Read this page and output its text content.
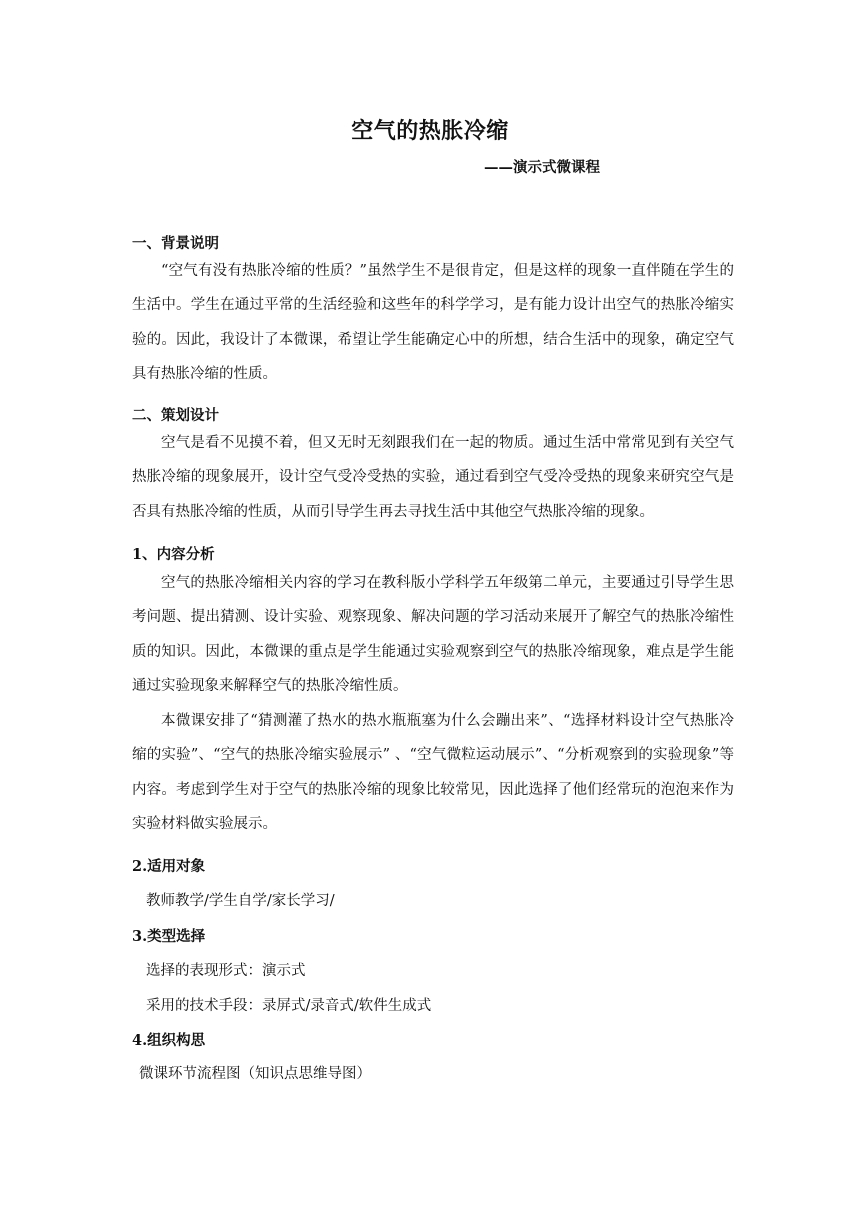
空气的热胀冷缩
——演示式微课程
一、背景说明
“空气有没有热胀冷缩的性质？”虽然学生不是很肯定，但是这样的现象一直伴随在学生的生活中。学生在通过平常的生活经验和这些年的科学学习，是有能力设计出空气的热胀冷缩实验的。因此，我设计了本微课，希望让学生能确定心中的所想，结合生活中的现象，确定空气具有热胀冷缩的性质。
二、策划设计
空气是看不见摸不着，但又无时无刻跟我们在一起的物质。通过生活中常常见到有关空气热胀冷缩的现象展开，设计空气受冷受热的实验，通过看到空气受冷受热的现象来研究空气是否具有热胀冷缩的性质，从而引导学生再去寻找生活中其他空气热胀冷缩的现象。
1、内容分析
空气的热胀冷缩相关内容的学习在教科版小学科学五年级第二单元，主要通过引导学生思考问题、提出猜测、设计实验、观察现象、解决问题的学习活动来展开了解空气的热胀冷缩性质的知识。因此，本微课的重点是学生能通过实验观察到空气的热胀冷缩现象，难点是学生能通过实验现象来解释空气的热胀冷缩性质。
本微课安排了“猜测灌了热水的热水瓶瓶塞为什么会蹦出来”、“选择材料设计空气热胀冷缩的实验”、“空气的热胀冷缩实验展示” 、“空气微粒运动展示”、“分析观察到的实验现象”等内容。考虑到学生对于空气的热胀冷缩的现象比较常见，因此选择了他们经常玩的泡泡来作为实验材料做实验展示。
2.适用对象
教师教学/学生自学/家长学习/
3.类型选择
选择的表现形式：演示式
采用的技术手段：录屏式/录音式/软件生成式
4.组织构思
微课环节流程图（知识点思维导图）
